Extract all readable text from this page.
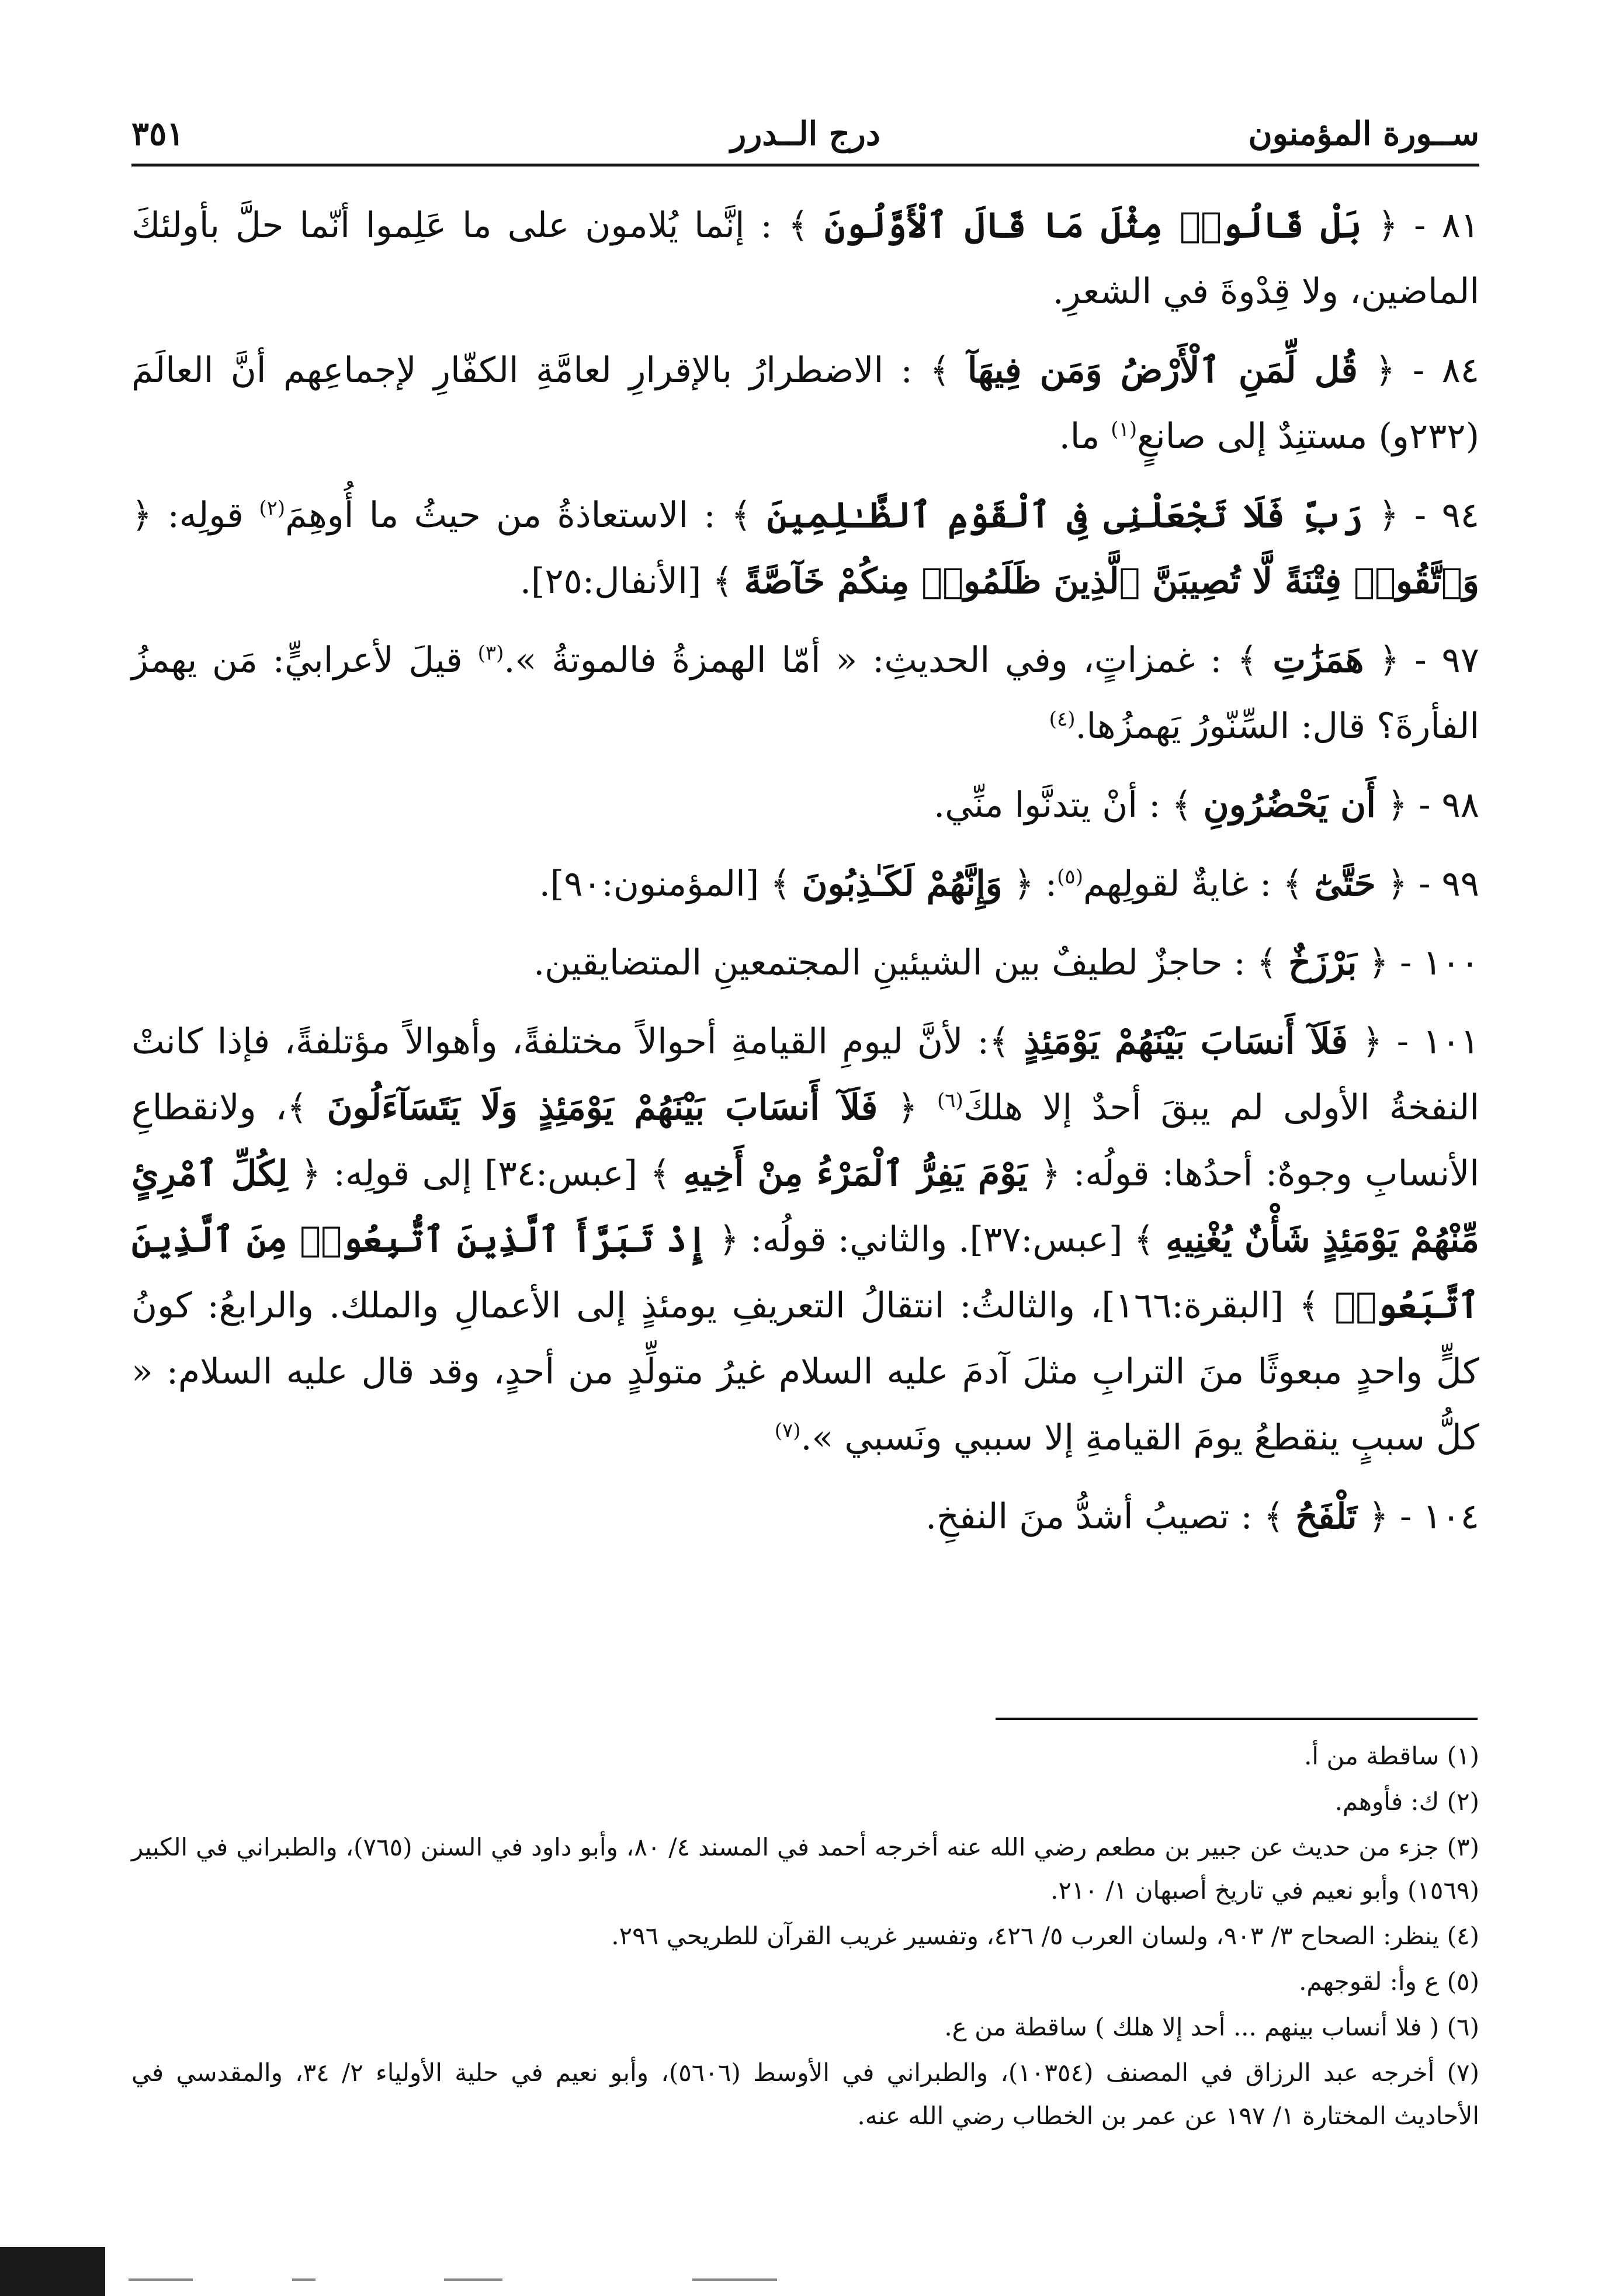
ســورة المؤمنون
درج الــدرر
٣٥١

٨١ - ﴿ بَلْ قَالُوا۟ مِثْلَ مَا قَالَ ٱلْأَوَّلُونَ ﴾ : إنَّما يُلامون على ما عَلِموا أنّما حلَّ بأولئكَ الماضين، ولا قِدْوةَ في الشعرِ.

٨٤ - ﴿ قُل لِّمَنِ ٱلْأَرْضُ وَمَن فِيهَآ ﴾ : الاضطرارُ بالإقرارِ لعامَّةِ الكفّارِ لإجماعِهم أنَّ العالَمَ (٢٣٢و) مستنِدٌ إلى صانعٍ$^{(١)}$ ما.

٩٤ - ﴿ رَبِّ فَلَا تَجْعَلْنِى فِى ٱلْقَوْمِ ٱلظَّـٰلِمِينَ ﴾ : الاستعاذةُ من حيثُ ما أُوهِمَ$^{(٢)}$ قولِه: ﴿ وَٱتَّقُوا۟ فِتْنَةً لَّا تُصِيبَنَّ ٱلَّذِينَ ظَلَمُوا۟ مِنكُمْ خَآصَّةً ﴾ [الأنفال:٢٥].

٩٧ - ﴿ هَمَزَٰتِ ﴾ : غمزاتٍ، وفي الحديثِ: « أمّا الهمزةُ فالموتةُ ».$^{(٣)}$ قيلَ لأعرابيٍّ: مَن يهمزُ الفأرةَ؟ قال: السِّنّورُ يَهمزُها.$^{(٤)}$

٩٨ - ﴿ أَن يَحْضُرُونِ ﴾ : أنْ يتدنَّوا منِّي.

٩٩ - ﴿ حَتَّىٰٓ ﴾ : غايةٌ لقولِهم$^{(٥)}$: ﴿ وَإِنَّهُمْ لَكَـٰذِبُونَ ﴾ [المؤمنون:٩٠].

١٠٠ - ﴿ بَرْزَخٌ ﴾ : حاجزٌ لطيفٌ بين الشيئينِ المجتمعينِ المتضايقين.

١٠١ - ﴿ فَلَآ أَنسَابَ بَيْنَهُمْ يَوْمَئِذٍ ﴾: لأنَّ ليومِ القيامةِ أحوالاً مختلفةً، وأهوالاً مؤتلفةً، فإذا كانتْ النفخةُ الأولى لم يبقَ أحدٌ إلا هلكَ$^{(٦)}$ ﴿ فَلَآ أَنسَابَ بَيْنَهُمْ يَوْمَئِذٍ وَلَا يَتَسَآءَلُونَ ﴾، ولانقطاعِ الأنسابِ وجوهٌ: أحدُها: قولُه: ﴿ يَوْمَ يَفِرُّ ٱلْمَرْءُ مِنْ أَخِيهِ ﴾ [عبس:٣٤] إلى قولِه: ﴿ لِكُلِّ ٱمْرِئٍ مِّنْهُمْ يَوْمَئِذٍ شَأْنٌ يُغْنِيهِ ﴾ [عبس:٣٧]. والثاني: قولُه: ﴿ إِذْ تَبَرَّأَ ٱلَّذِينَ ٱتُّبِعُوا۟ مِنَ ٱلَّذِينَ ٱتَّبَعُوا۟ ﴾ [البقرة:١٦٦]، والثالثُ: انتقالُ التعريفِ يومئذٍ إلى الأعمالِ والملك. والرابعُ: كونُ كلٍّ واحدٍ مبعوثًا منَ الترابِ مثلَ آدمَ عليه السلام غيرُ متولِّدٍ من أحدٍ، وقد قال عليه السلام: « كلُّ سببٍ ينقطعُ يومَ القيامةِ إلا سببي ونَسبي ».$^{(٧)}$

١٠٤ - ﴿ تَلْفَحُ ﴾ : تصيبُ أشدُّ منَ النفخِ.

(١) ساقطة من أ.
(٢) ك: فأوهم.
(٣) جزء من حديث عن جبير بن مطعم رضي الله عنه أخرجه أحمد في المسند ٤/ ٨٠، وأبو داود في السنن (٧٦٥)، والطبراني في الكبير (١٥٦٩) وأبو نعيم في تاريخ أصبهان ١/ ٢١٠.
(٤) ينظر: الصحاح ٣/ ٩٠٣، ولسان العرب ٥/ ٤٢٦، وتفسير غريب القرآن للطريحي ٢٩٦.
(٥) ع وأ: لقوجهم.
(٦) ( فلا أنساب بينهم ... أحد إلا هلك ) ساقطة من ع.
(٧) أخرجه عبد الرزاق في المصنف (١٠٣٥٤)، والطبراني في الأوسط (٥٦٠٦)، وأبو نعيم في حلية الأولياء ٢/ ٣٤، والمقدسي في الأحاديث المختارة ١/ ١٩٧ عن عمر بن الخطاب رضي الله عنه.
